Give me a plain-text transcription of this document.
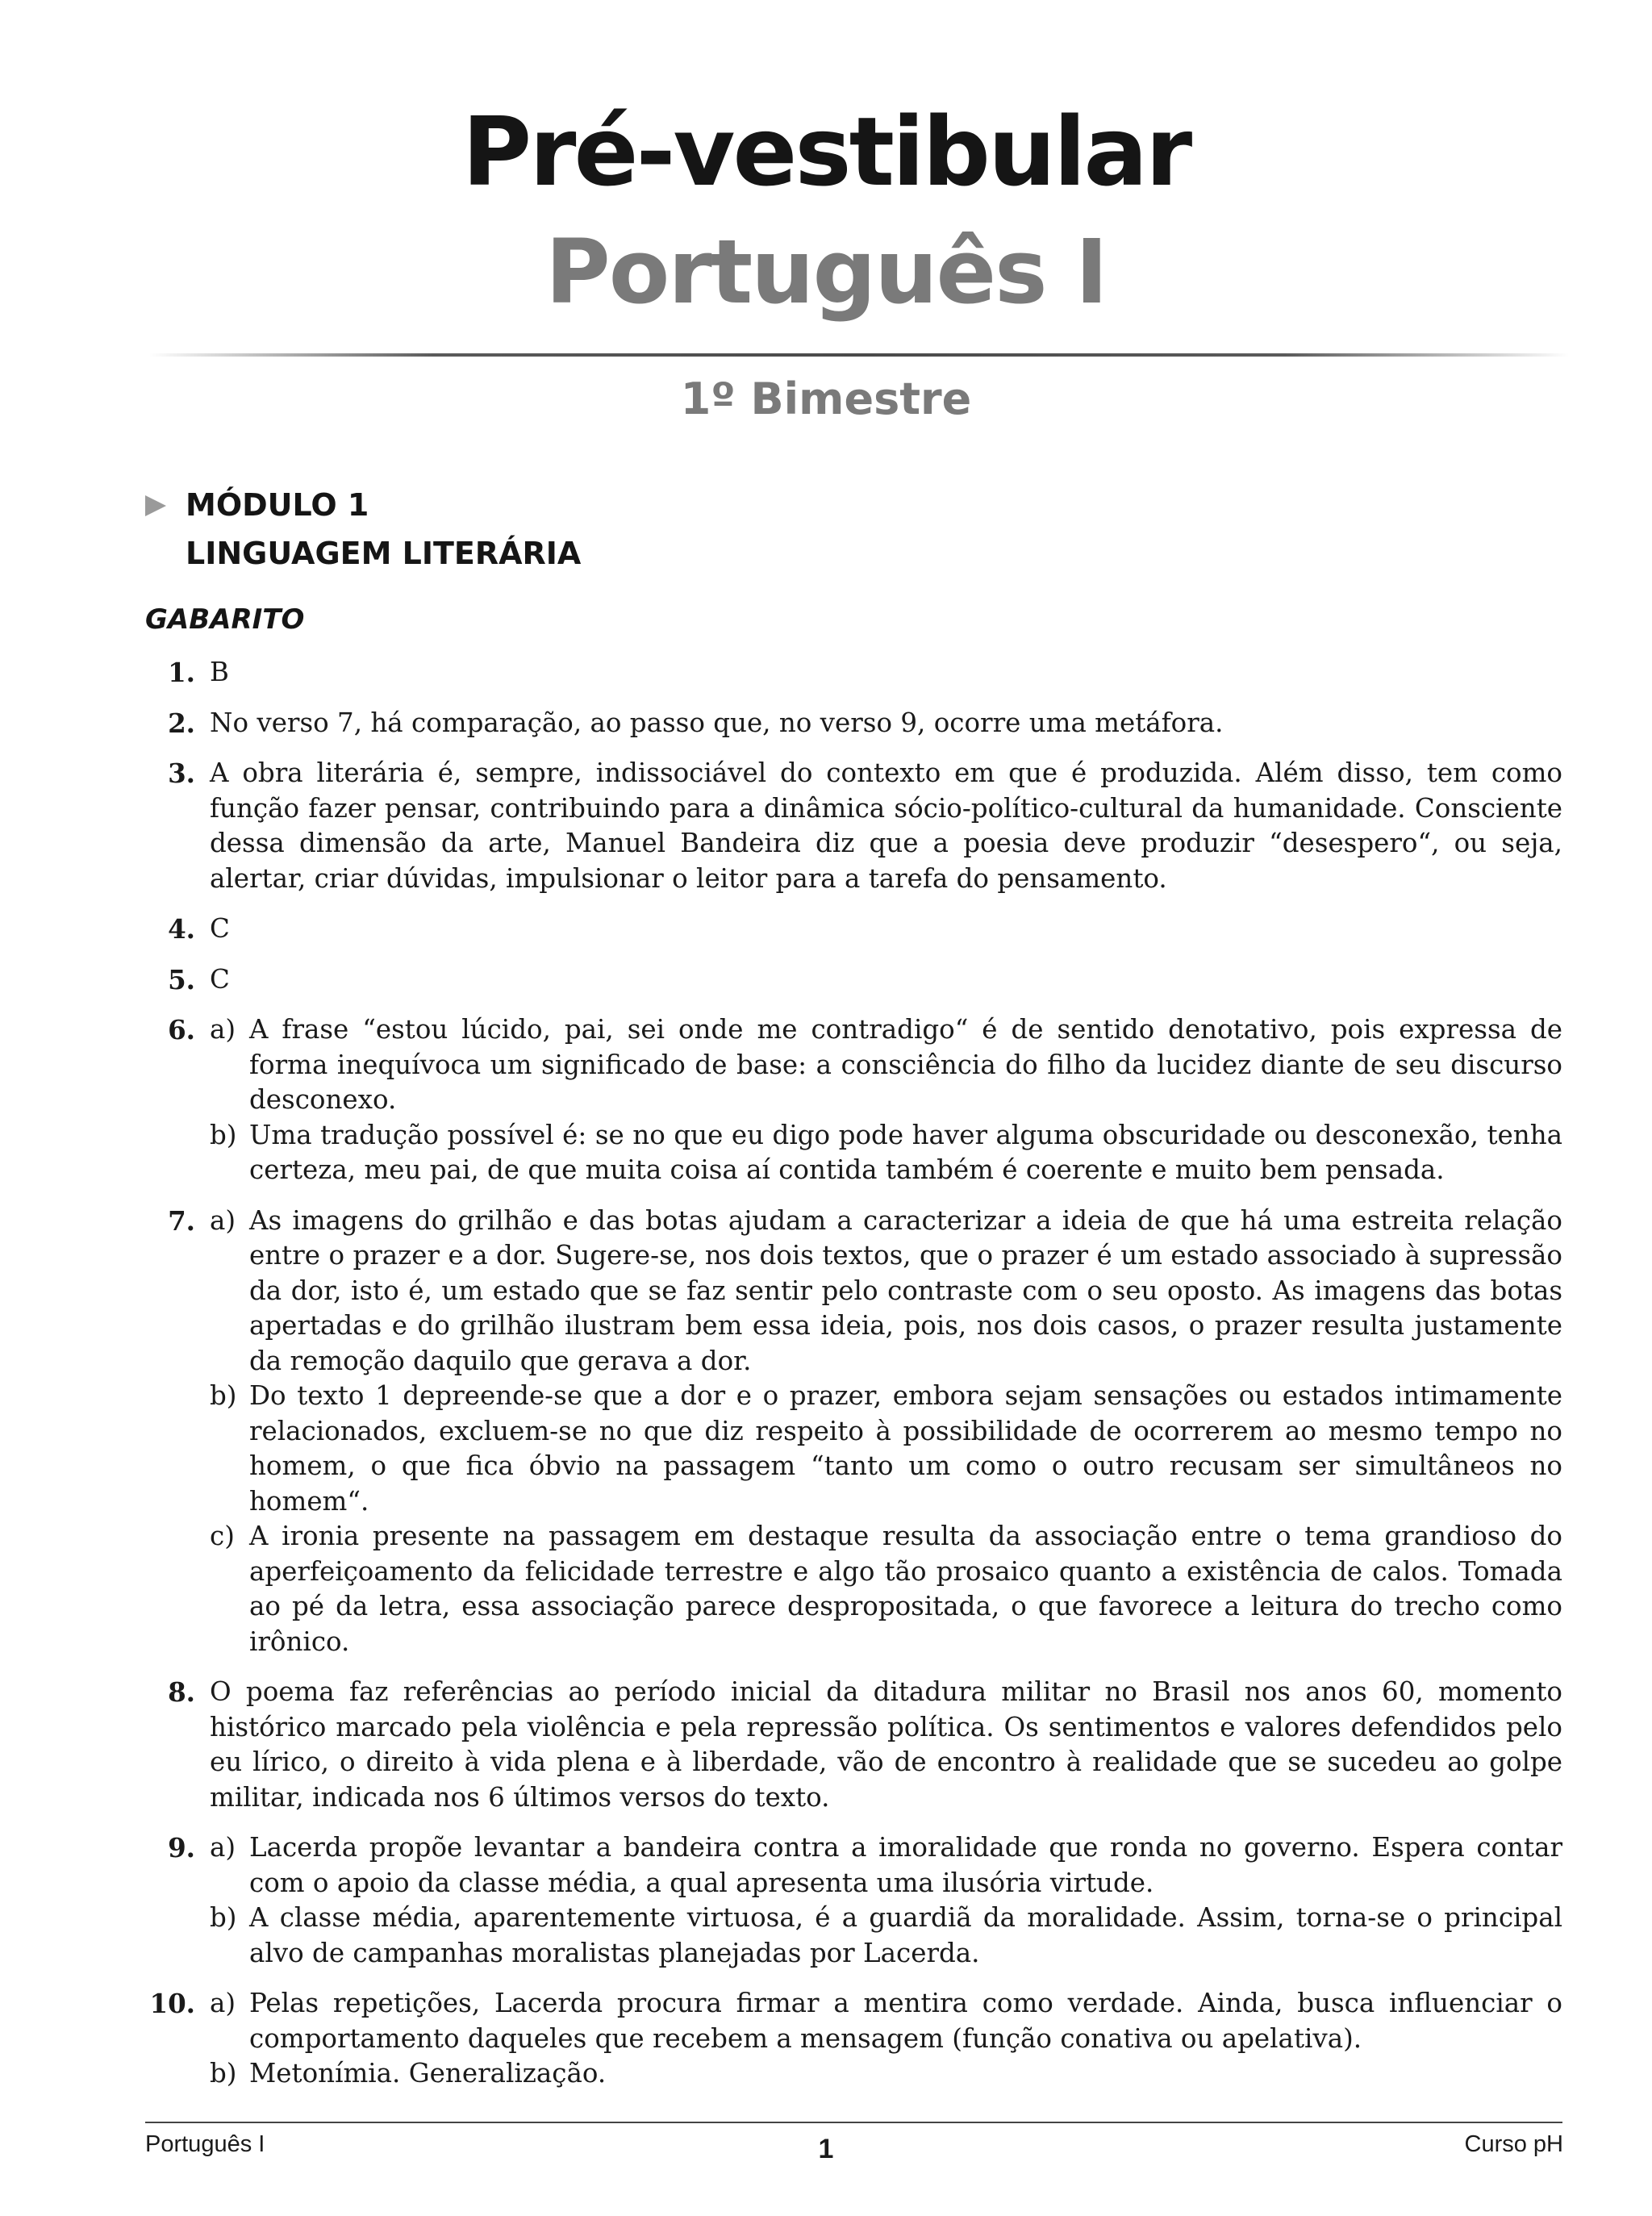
Pré-vestibular
Português I
1º Bimestre
MÓDULO 1
LINGUAGEM LITERÁRIA
GABARITO
1. B
2. No verso 7, há comparação, ao passo que, no verso 9, ocorre uma metáfora.
3. A obra literária é, sempre, indissociável do contexto em que é produzida. Além disso, tem como função fazer pensar, contribuindo para a dinâmica sócio-político-cultural da humanidade. Consciente dessa dimensão da arte, Manuel Bandeira diz que a poesia deve produzir “desespero“, ou seja, alertar, criar dúvidas, impulsionar o leitor para a tarefa do pensamento.
4. C
5. C
6. a) A frase “estou lúcido, pai, sei onde me contradigo“ é de sentido denotativo, pois expressa de forma inequívoca um significado de base: a consciência do filho da lucidez diante de seu discurso desconexo.
b) Uma tradução possível é: se no que eu digo pode haver alguma obscuridade ou desconexão, tenha certeza, meu pai, de que muita coisa aí contida também é coerente e muito bem pensada.
7. a) As imagens do grilhão e das botas ajudam a caracterizar a ideia de que há uma estreita relação entre o prazer e a dor. Sugere-se, nos dois textos, que o prazer é um estado associado à supressão da dor, isto é, um estado que se faz sentir pelo contraste com o seu oposto. As imagens das botas apertadas e do grilhão ilustram bem essa ideia, pois, nos dois casos, o prazer resulta justamente da remoção daquilo que gerava a dor.
b) Do texto 1 depreende-se que a dor e o prazer, embora sejam sensações ou estados intimamente relacionados, excluem-se no que diz respeito à possibilidade de ocorrerem ao mesmo tempo no homem, o que fica óbvio na passagem “tanto um como o outro recusam ser simultâneos no homem“.
c) A ironia presente na passagem em destaque resulta da associação entre o tema grandioso do aperfeiçoamento da felicidade terrestre e algo tão prosaico quanto a existência de calos. Tomada ao pé da letra, essa associação parece despropositada, o que favorece a leitura do trecho como irônico.
8. O poema faz referências ao período inicial da ditadura militar no Brasil nos anos 60, momento histórico marcado pela violência e pela repressão política. Os sentimentos e valores defendidos pelo eu lírico, o direito à vida plena e à liberdade, vão de encontro à realidade que se sucedeu ao golpe militar, indicada nos 6 últimos versos do texto.
9. a) Lacerda propõe levantar a bandeira contra a imoralidade que ronda no governo. Espera contar com o apoio da classe média, a qual apresenta uma ilusória virtude.
b) A classe média, aparentemente virtuosa, é a guardiã da moralidade. Assim, torna-se o principal alvo de campanhas moralistas planejadas por Lacerda.
10. a) Pelas repetições, Lacerda procura firmar a mentira como verdade. Ainda, busca influenciar o comportamento daqueles que recebem a mensagem (função conativa ou apelativa).
b) Metonímia. Generalização.
Português I	1	Curso pH
